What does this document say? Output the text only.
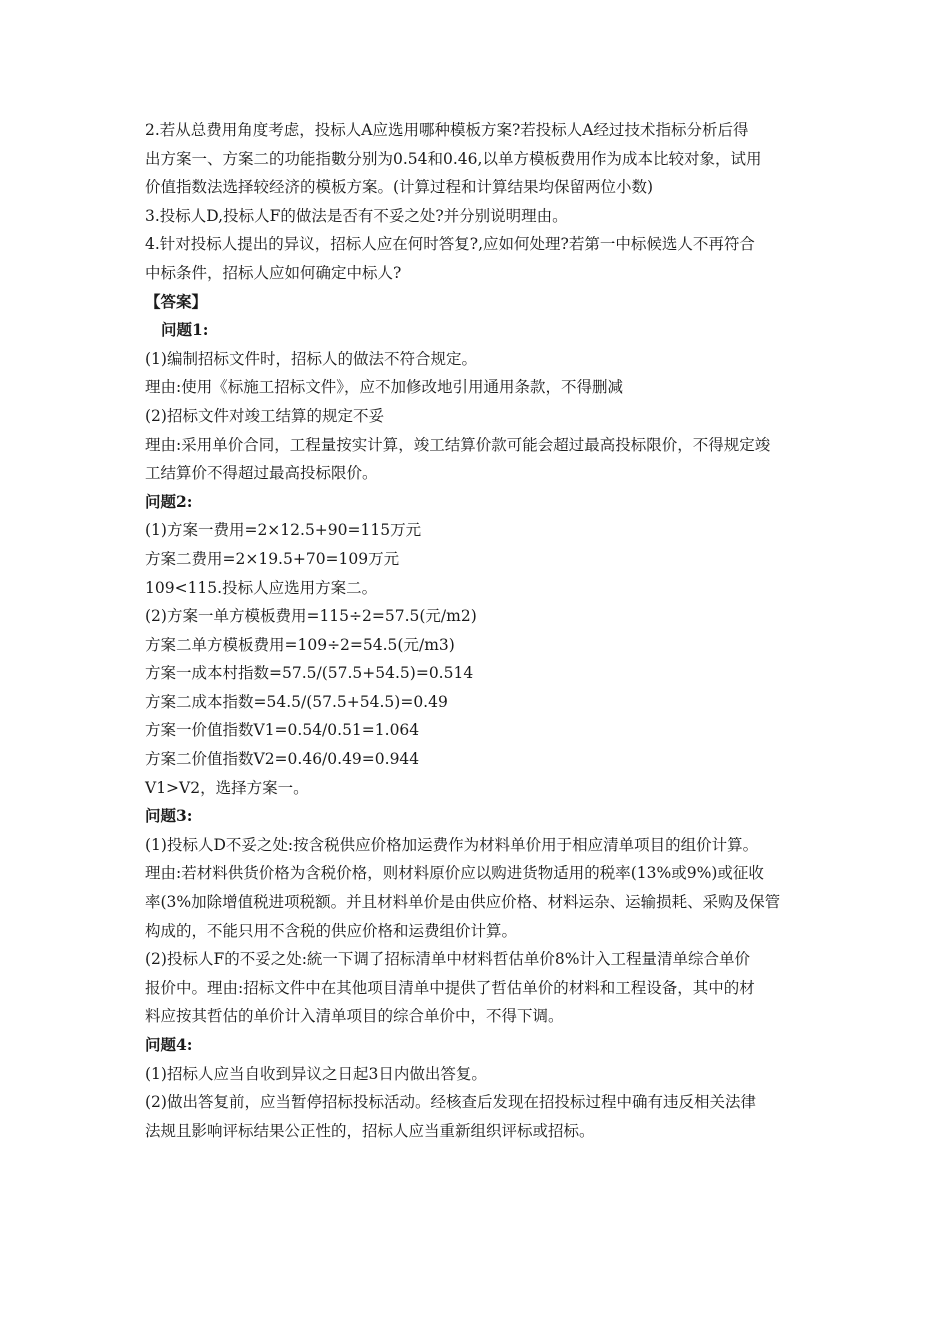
2.若从总费用角度考虑，投标人A应选用哪种模板方案?若投标人A经过技术指标分析后得
出方案一、方案二的功能指數分别为0.54和0.46,以单方模板费用作为成本比较对象，试用
价值指数法选择较经济的模板方案。(计算过程和计算结果均保留两位小数)
3.投标人D,投标人F的做法是否有不妥之处?并分别说明理由。
4.针对投标人提出的异议，招标人应在何时答复?,应如何处理?若第一中标候选人不再符合
中标条件，招标人应如何确定中标人?
【答案】
问题1:
(1)编制招标文件时，招标人的做法不符合规定。
理由:使用《标施工招标文件》，应不加修改地引用通用条款，不得删减
(2)招标文件对竣工结算的规定不妥
理由:采用单价合同，工程量按实计算，竣工结算价款可能会超过最高投标限价，不得规定竣
工结算价不得超过最高投标限价。
问题2:
(1)方案一费用=2×12.5+90=115万元
方案二费用=2×19.5+70=109万元
109<115.投标人应选用方案二。
(2)方案一单方模板费用=115÷2=57.5(元/m2)
方案二单方模板费用=109÷2=54.5(元/m3)
方案一成本村指数=57.5/(57.5+54.5)=0.514
方案二成本指数=54.5/(57.5+54.5)=0.49
方案一价值指数V1=0.54/0.51=1.064
方案二价值指数V2=0.46/0.49=0.944
V1>V2，选择方案一。
问题3:
(1)投标人D不妥之处:按含税供应价格加运费作为材料单价用于相应清单项目的组价计算。
理由:若材料供货价格为含税价格，则材料原价应以购进货物适用的税率(13%或9%)或征收
率(3%加除增值税进项税额。并且材料单价是由供应价格、材料运杂、运输损耗、采购及保管
构成的，不能只用不含税的供应价格和运费组价计算。
(2)投标人F的不妥之处:統一下调了招标清单中材料哲估单价8%计入工程量清单综合单价
报价中。理由:招标文件中在其他项目清单中提供了哲估单价的材料和工程设备，其中的材
料应按其哲估的单价计入清单项目的综合单价中，不得下调。
问题4:
(1)招标人应当自收到异议之日起3日内做出答复。
(2)做出答复前，应当暂停招标投标活动。经核查后发现在招投标过程中确有违反相关法律
法规且影响评标结果公正性的，招标人应当重新组织评标或招标。
